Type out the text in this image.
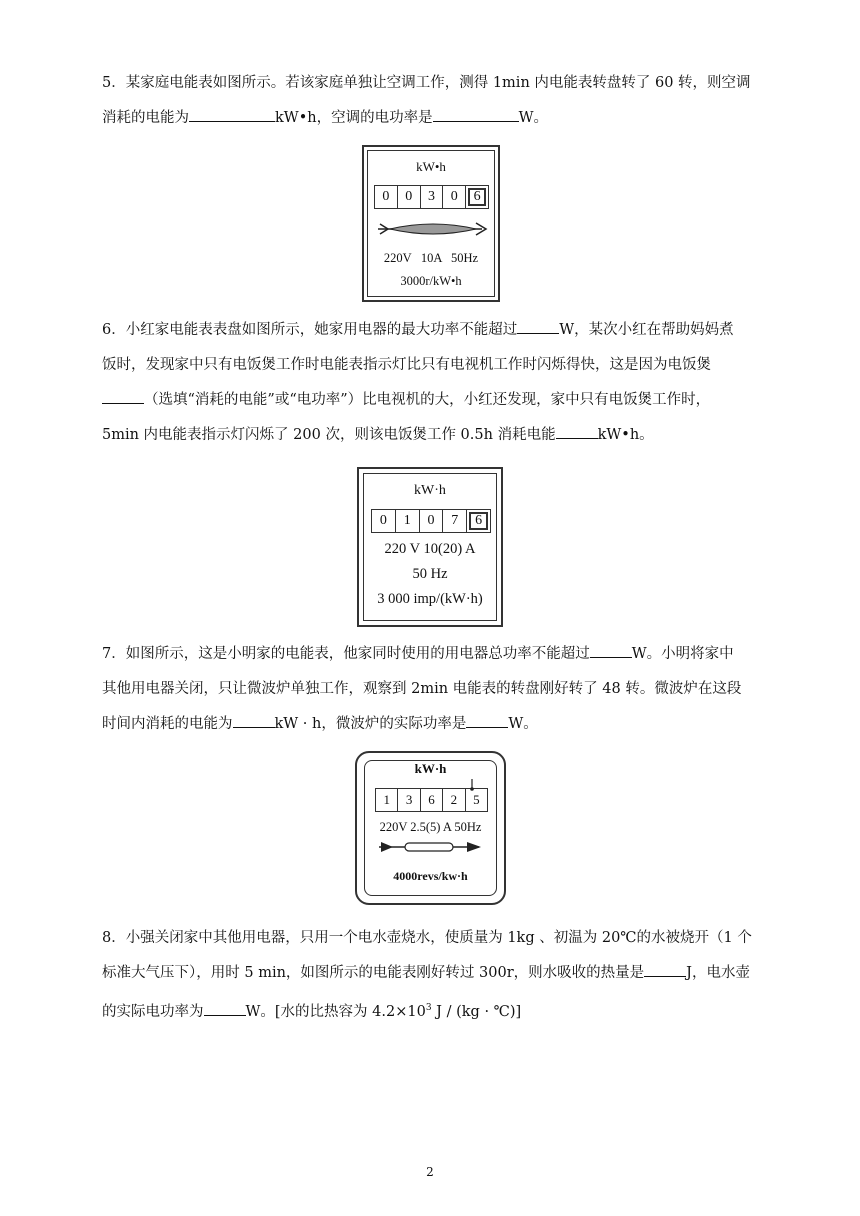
5．某家庭电能表如图所示。若该家庭单独让空调工作，测得 1min 内电能表转盘转了 60 转，则空调
消耗的电能为	kW•h，空调的电功率是	W。
kW•h
0	0	3	0	6
220V   10A   50Hz
3000r/kW•h
6．小红家电能表表盘如图所示，她家用电器的最大功率不能超过	W，某次小红在帮助妈妈煮
饭时，发现家中只有电饭煲工作时电能表指示灯比只有电视机工作时闪烁得快，这是因为电饭煲
（选填“消耗的电能”或“电功率”）比电视机的大，小红还发现，家中只有电饭煲工作时，
5min 内电能表指示灯闪烁了 200 次，则该电饭煲工作 0.5h 消耗电能	kW•h。
kW·h
0	1	0	7	6
220 V 10(20) A
50 Hz
3 000 imp/(kW·h)
7．如图所示，这是小明家的电能表，他家同时使用的用电器总功率不能超过	W。小明将家中
其他用电器关闭，只让微波炉单独工作，观察到 2min 电能表的转盘刚好转了 48 转。微波炉在这段
时间内消耗的电能为	kW · h，微波炉的实际功率是	W。
kW·h
1	3	6	2	5
220V 2.5(5) A 50Hz
4000revs/kw·h
8．小强关闭家中其他用电器，只用一个电水壶烧水，使质量为 1kg 、初温为 20℃的水被烧开（1 个
标准大气压下），用时 5 min，如图所示的电能表刚好转过 300r，则水吸收的热量是	J，电水壶
的实际电功率为	W。[水的比热容为 $4.2\times 10^3$ J / (kg · ℃)]
2
